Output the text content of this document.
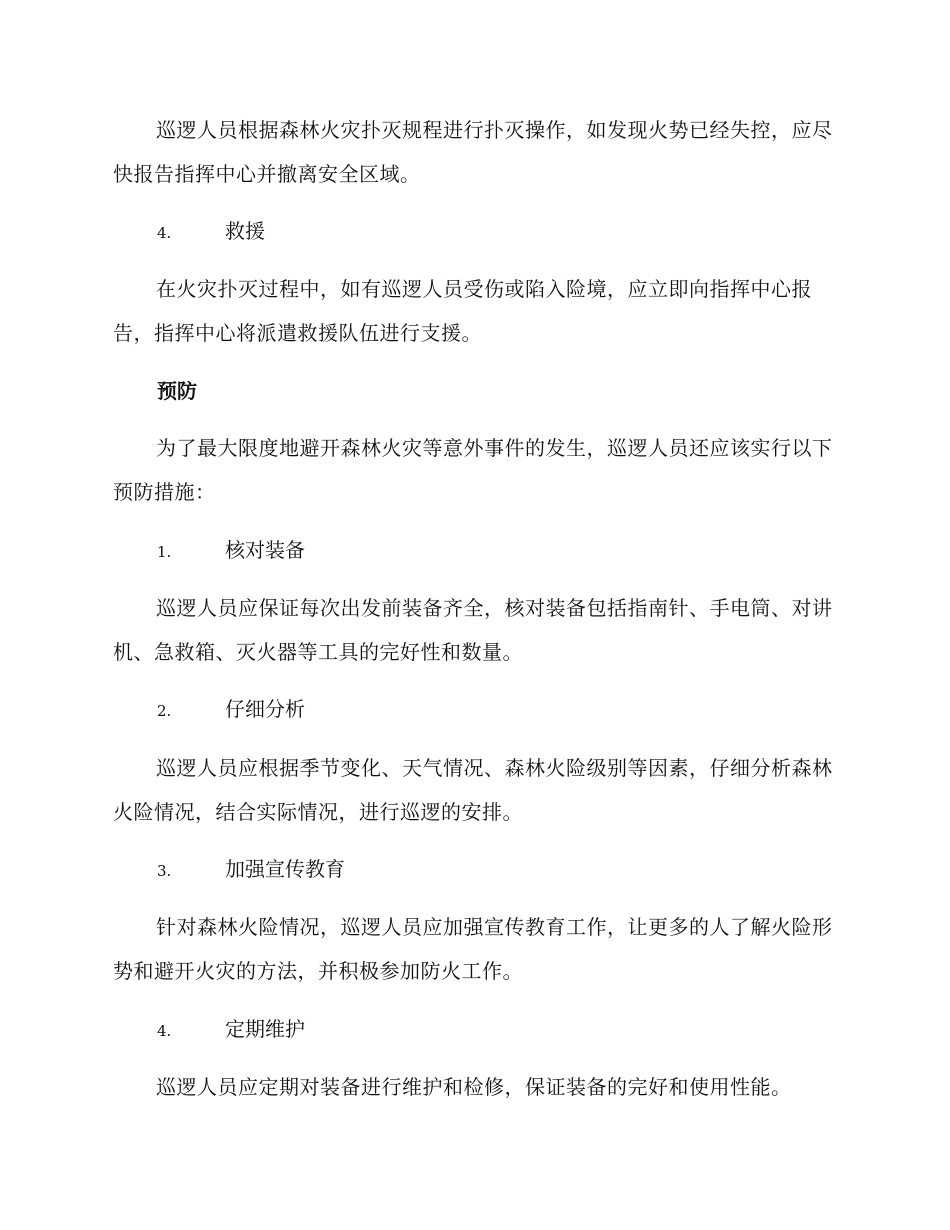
巡逻人员根据森林火灾扑灭规程进行扑灭操作，如发现火势已经失控，应尽快报告指挥中心并撤离安全区域。

4.	救援

在火灾扑灭过程中，如有巡逻人员受伤或陷入险境，应立即向指挥中心报告，指挥中心将派遣救援队伍进行支援。

预防

为了最大限度地避开森林火灾等意外事件的发生，巡逻人员还应该实行以下预防措施：

1.	核对装备

巡逻人员应保证每次出发前装备齐全，核对装备包括指南针、手电筒、对讲机、急救箱、灭火器等工具的完好性和数量。

2.	仔细分析

巡逻人员应根据季节变化、天气情况、森林火险级别等因素，仔细分析森林火险情况，结合实际情况，进行巡逻的安排。

3.	加强宣传教育

针对森林火险情况，巡逻人员应加强宣传教育工作，让更多的人了解火险形势和避开火灾的方法，并积极参加防火工作。

4.	定期维护

巡逻人员应定期对装备进行维护和检修，保证装备的完好和使用性能。
